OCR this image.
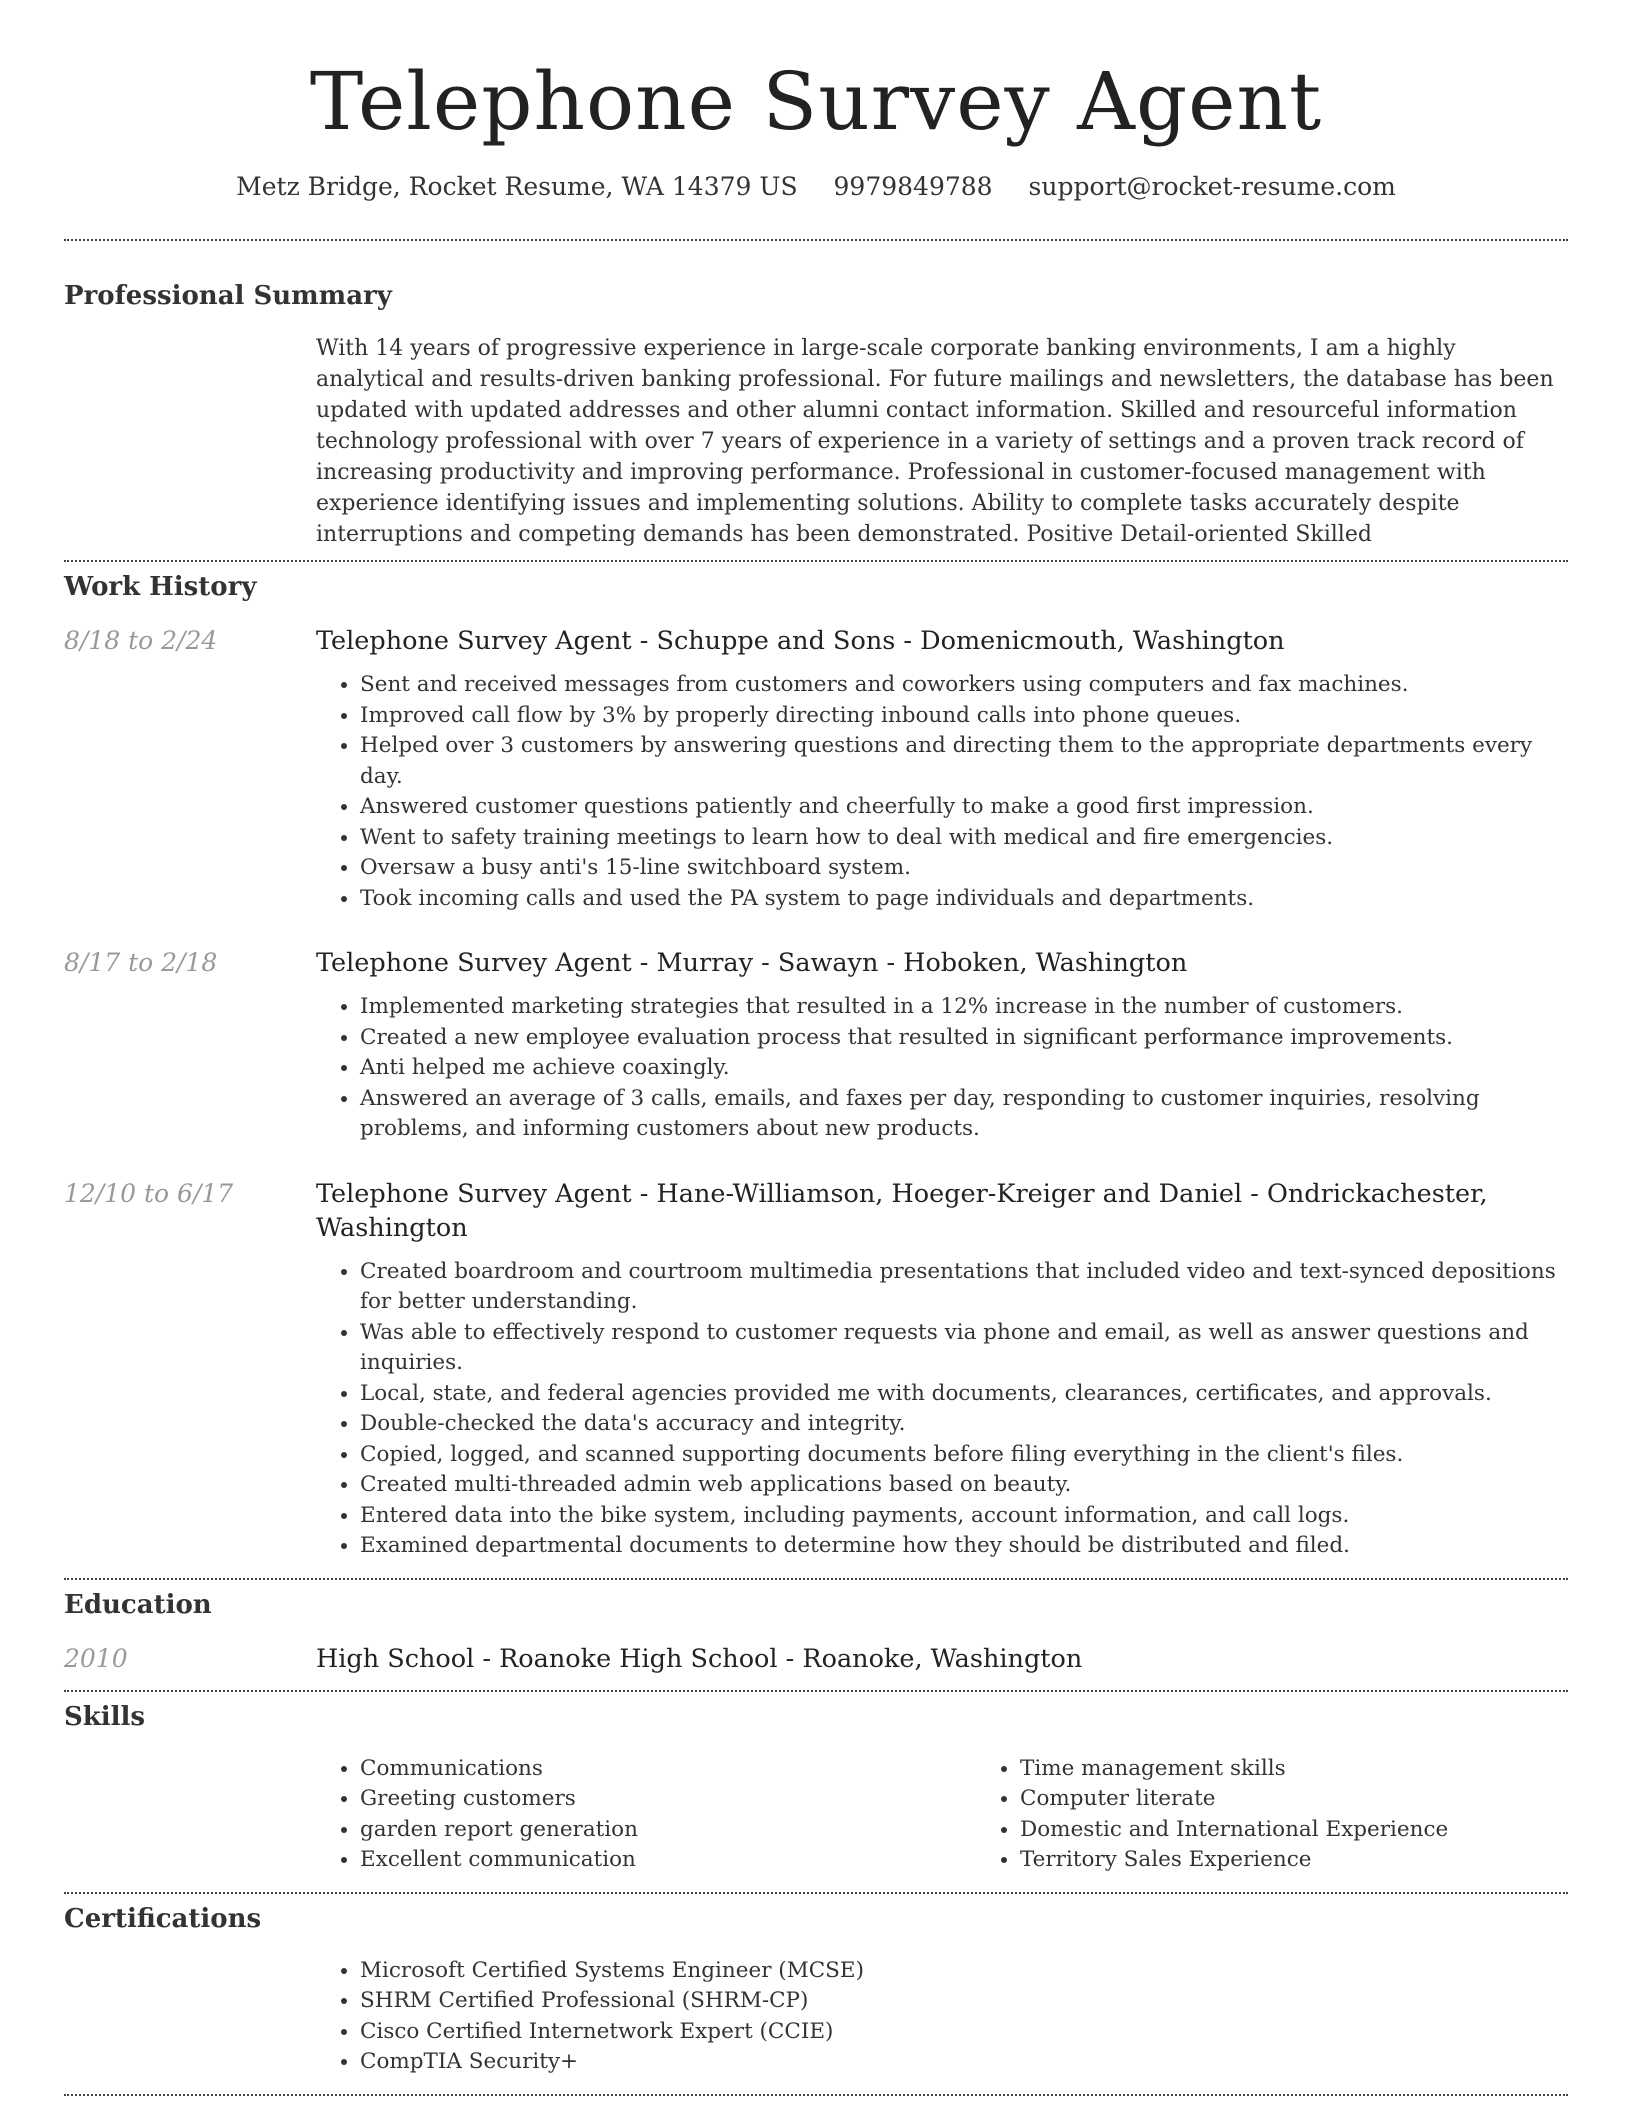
Telephone Survey Agent
Metz Bridge, Rocket Resume, WA 14379 US 9979849788 support@rocket-resume.com
Professional Summary
With 14 years of progressive experience in large-scale corporate banking environments, I am a highly analytical and results-driven banking professional. For future mailings and newsletters, the database has been updated with updated addresses and other alumni contact information. Skilled and resourceful information technology professional with over 7 years of experience in a variety of settings and a proven track record of increasing productivity and improving performance. Professional in customer-focused management with experience identifying issues and implementing solutions. Ability to complete tasks accurately despite interruptions and competing demands has been demonstrated. Positive Detail-oriented Skilled
Work History
8/18 to 2/24	Telephone Survey Agent - Schuppe and Sons - Domenicmouth, Washington
• Sent and received messages from customers and coworkers using computers and fax machines.
• Improved call flow by 3% by properly directing inbound calls into phone queues.
• Helped over 3 customers by answering questions and directing them to the appropriate departments every day.
• Answered customer questions patiently and cheerfully to make a good first impression.
• Went to safety training meetings to learn how to deal with medical and fire emergencies.
• Oversaw a busy anti's 15-line switchboard system.
• Took incoming calls and used the PA system to page individuals and departments.
8/17 to 2/18	Telephone Survey Agent - Murray - Sawayn - Hoboken, Washington
• Implemented marketing strategies that resulted in a 12% increase in the number of customers.
• Created a new employee evaluation process that resulted in significant performance improvements.
• Anti helped me achieve coaxingly.
• Answered an average of 3 calls, emails, and faxes per day, responding to customer inquiries, resolving problems, and informing customers about new products.
12/10 to 6/17	Telephone Survey Agent - Hane-Williamson, Hoeger-Kreiger and Daniel - Ondrickachester, Washington
• Created boardroom and courtroom multimedia presentations that included video and text-synced depositions for better understanding.
• Was able to effectively respond to customer requests via phone and email, as well as answer questions and inquiries.
• Local, state, and federal agencies provided me with documents, clearances, certificates, and approvals.
• Double-checked the data's accuracy and integrity.
• Copied, logged, and scanned supporting documents before filing everything in the client's files.
• Created multi-threaded admin web applications based on beauty.
• Entered data into the bike system, including payments, account information, and call logs.
• Examined departmental documents to determine how they should be distributed and filed.
Education
2010	High School - Roanoke High School - Roanoke, Washington
Skills
• Communications
• Greeting customers
• garden report generation
• Excellent communication
• Time management skills
• Computer literate
• Domestic and International Experience
• Territory Sales Experience
Certifications
• Microsoft Certified Systems Engineer (MCSE)
• SHRM Certified Professional (SHRM-CP)
• Cisco Certified Internetwork Expert (CCIE)
• CompTIA Security+
